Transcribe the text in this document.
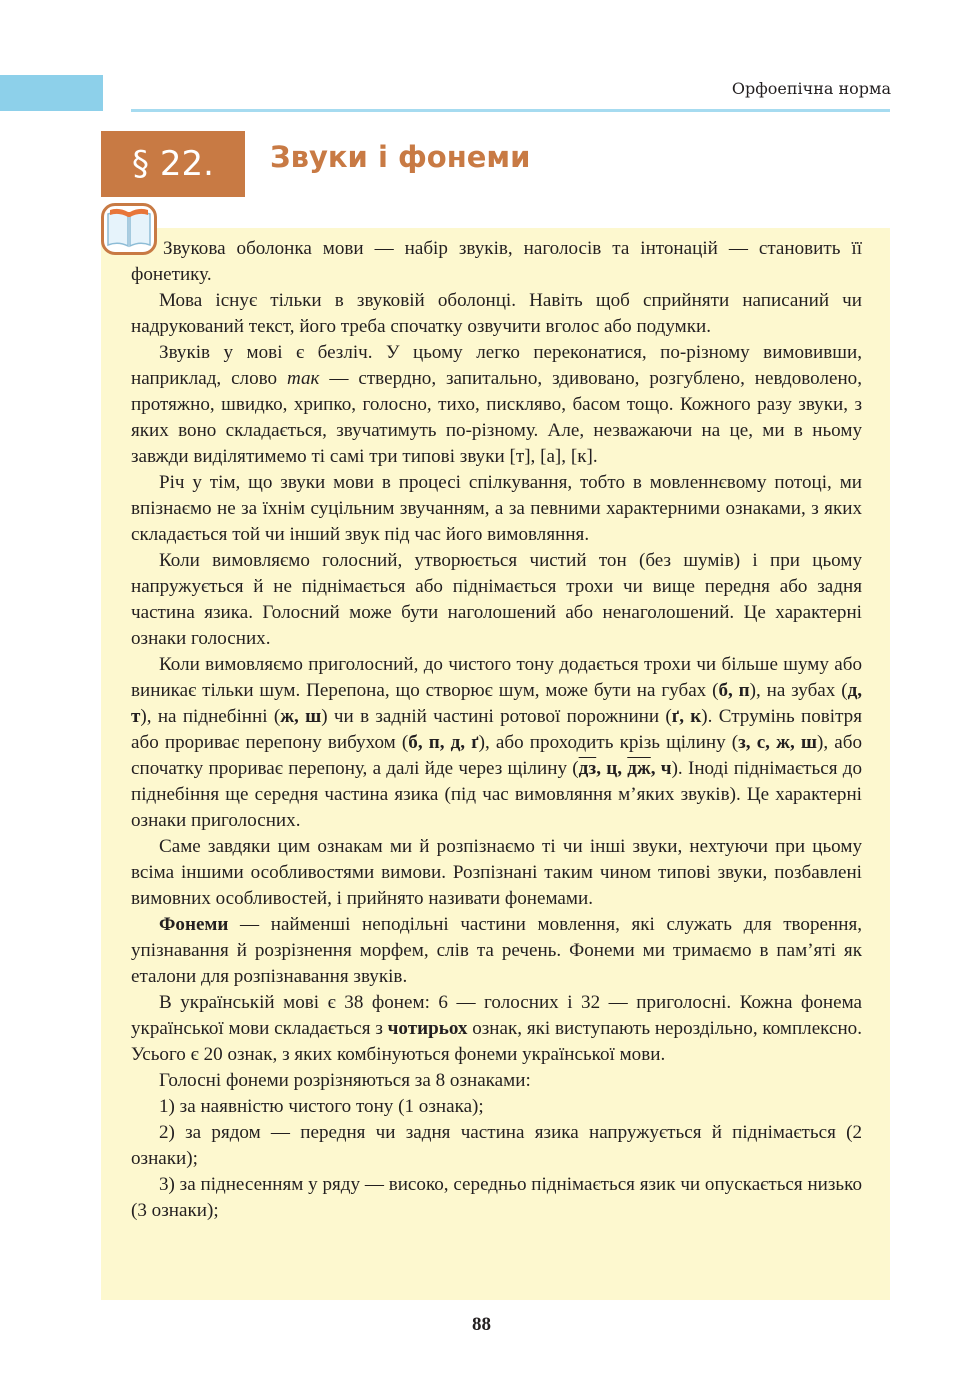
Орфоепічна норма
§ 22.	Звуки і фонеми

Звукова оболонка мови — набір звуків, наголосів та інтонацій — становить її фонетику.

Мова існує тільки в звуковій оболонці. Навіть щоб сприйняти написаний чи надрукований текст, його треба спочатку озвучити вголос або подумки.

Звуків у мові є безліч. У цьому легко переконатися, по-різному вимовивши, наприклад, слово так — ствердно, запитально, здивовано, розгублено, невдоволено, протяжно, швидко, хрипко, голосно, тихо, пискляво, басом тощо. Кожного разу звуки, з яких воно складається, звучатимуть по-різному. Але, незважаючи на це, ми в ньому завжди виділятимемо ті самі три типові звуки [т], [а], [к].

Річ у тім, що звуки мови в процесі спілкування, тобто в мовленнєвому потоці, ми впізнаємо не за їхнім суцільним звучанням, а за певними характерними ознаками, з яких складається той чи інший звук під час його вимовляння.

Коли вимовляємо голосний, утворюється чистий тон (без шумів) і при цьому напружується й не піднімається або піднімається трохи чи вище передня або задня частина язика. Голосний може бути наголошений або ненаголошений. Це характерні ознаки голосних.

Коли вимовляємо приголосний, до чистого тону додається трохи чи більше шуму або виникає тільки шум. Перепона, що створює шум, може бути на губах (б, п), на зубах (д, т), на піднебінні (ж, ш) чи в задній частині ротової порожнини (ґ, к). Струмінь повітря або прориває перепону вибухом (б, п, д, ґ), або проходить крізь щілину (з, с, ж, ш), або спочатку прориває перепону, а далі йде через щілину (дз, ц, дж, ч). Іноді піднімається до піднебіння ще середня частина язика (під час вимовляння м’яких звуків). Це характерні ознаки приголосних.

Саме завдяки цим ознакам ми й розпізнаємо ті чи інші звуки, нехтуючи при цьому всіма іншими особливостями вимови. Розпізнані таким чином типові звуки, позбавлені вимовних особливостей, і прийнято називати фонемами.

Фонеми — найменші неподільні частини мовлення, які служать для творення, упізнавання й розрізнення морфем, слів та речень. Фонеми ми тримаємо в пам’яті як еталони для розпізнавання звуків.

В українській мові є 38 фонем: 6 — голосних і 32 — приголосні. Кожна фонема української мови складається з чотирьох ознак, які виступають нероздільно, комплексно. Усього є 20 ознак, з яких комбінуються фонеми української мови.

Голосні фонеми розрізняються за 8 ознаками:

1) за наявністю чистого тону (1 ознака);

2) за рядом — передня чи задня частина язика напружується й піднімається (2 ознаки);

3) за піднесенням у ряду — високо, середньо піднімається язик чи опускається низько (3 ознаки);

88
